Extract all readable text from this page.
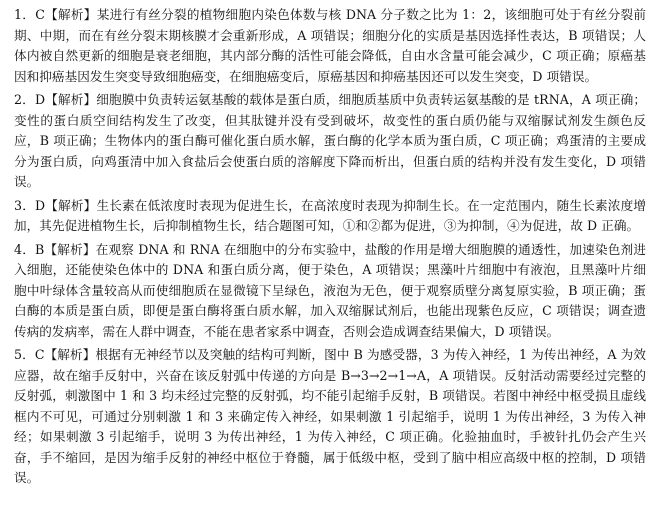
1．C【解析】某进行有丝分裂的植物细胞内染色体数与核 DNA 分子数之比为 1：2，该细胞可处于有丝分裂前期、中期，而在有丝分裂末期核膜才会重新形成，A 项错误；细胞分化的实质是基因选择性表达，B 项错误；人体内被自然更新的细胞是衰老细胞，其内部分酶的活性可能会降低，自由水含量可能会减少，C 项正确；原癌基因和抑癌基因发生突变导致细胞癌变，在细胞癌变后，原癌基因和抑癌基因还可以发生突变，D 项错误。

2．D【解析】细胞膜中负责转运氨基酸的载体是蛋白质，细胞质基质中负责转运氨基酸的是 tRNA，A 项正确；变性的蛋白质空间结构发生了改变，但其肽键并没有受到破坏，故变性的蛋白质仍能与双缩脲试剂发生颜色反应，B 项正确；生物体内的蛋白酶可催化蛋白质水解，蛋白酶的化学本质为蛋白质，C 项正确；鸡蛋清的主要成分为蛋白质，向鸡蛋清中加入食盐后会使蛋白质的溶解度下降而析出，但蛋白质的结构并没有发生变化，D 项错误。

3．D【解析】生长素在低浓度时表现为促进生长，在高浓度时表现为抑制生长。在一定范围内，随生长素浓度增加，其先促进植物生长，后抑制植物生长，结合题图可知，①和②都为促进，③为抑制，④为促进，故 D 正确。

4．B【解析】在观察 DNA 和 RNA 在细胞中的分布实验中，盐酸的作用是增大细胞膜的通透性，加速染色剂进入细胞，还能使染色体中的 DNA 和蛋白质分离，便于染色，A 项错误；黑藻叶片细胞中有液泡，且黑藻叶片细胞中叶绿体含量较高从而使细胞质在显微镜下呈绿色，液泡为无色，便于观察质壁分离复原实验，B 项正确；蛋白酶的本质是蛋白质，即便是蛋白酶将蛋白质水解，加入双缩脲试剂后，也能出现紫色反应，C 项错误；调查遗传病的发病率，需在人群中调查，不能在患者家系中调查，否则会造成调查结果偏大，D 项错误。

5．C【解析】根据有无神经节以及突触的结构可判断，图中 B 为感受器，3 为传入神经，1 为传出神经，A 为效应器，故在缩手反射中，兴奋在该反射弧中传递的方向是 B→3→2→1→A，A 项错误。反射活动需要经过完整的反射弧，刺激图中 1 和 3 均未经过完整的反射弧，均不能引起缩手反射，B 项错误。若图中神经中枢受损且虚线框内不可见，可通过分别刺激 1 和 3 来确定传入神经，如果刺激 1 引起缩手，说明 1 为传出神经，3 为传入神经；如果刺激 3 引起缩手，说明 3 为传出神经，1 为传入神经，C 项正确。化验抽血时，手被针扎仍会产生兴奋，手不缩回，是因为缩手反射的神经中枢位于脊髓，属于低级中枢，受到了脑中相应高级中枢的控制，D 项错误。
